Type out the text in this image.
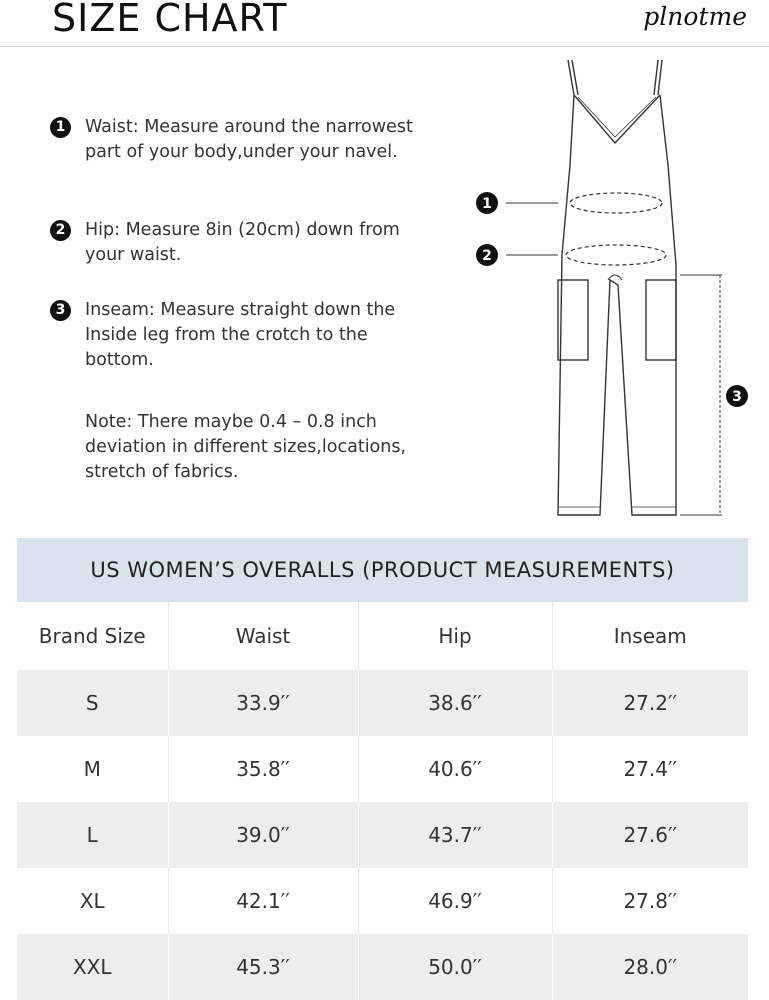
SIZE CHART	plnotme
1	Waist: Measure around the narrowest
part of your body,under your navel.
2	Hip: Measure 8in (20cm) down from
your waist.
3	Inseam: Measure straight down the
Inside leg from the crotch to the
bottom.
Note: There maybe 0.4 – 0.8 inch
deviation in different sizes,locations,
stretch of fabrics.
1
2
3
US WOMEN’S OVERALLS (PRODUCT MEASUREMENTS)
Brand Size	Waist	Hip	Inseam
S	33.9′′	38.6′′	27.2′′
M	35.8′′	40.6′′	27.4′′
L	39.0′′	43.7′′	27.6′′
XL	42.1′′	46.9′′	27.8′′
XXL	45.3′′	50.0′′	28.0′′
